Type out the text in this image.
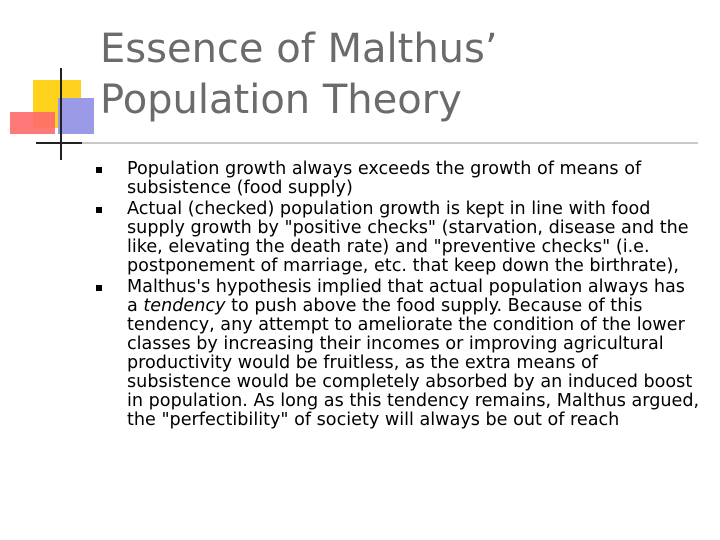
Essence of Malthus’ Population Theory
Population growth always exceeds the growth of means of subsistence (food supply)
Actual (checked) population growth is kept in line with food supply growth by "positive checks" (starvation, disease and the like, elevating the death rate) and "preventive checks" (i.e. postponement of marriage, etc. that keep down the birthrate),
Malthus's hypothesis implied that actual population always has a tendency to push above the food supply. Because of this tendency, any attempt to ameliorate the condition of the lower classes by increasing their incomes or improving agricultural productivity would be fruitless, as the extra means of subsistence would be completely absorbed by an induced boost in population. As long as this tendency remains, Malthus argued, the "perfectibility" of society will always be out of reach
